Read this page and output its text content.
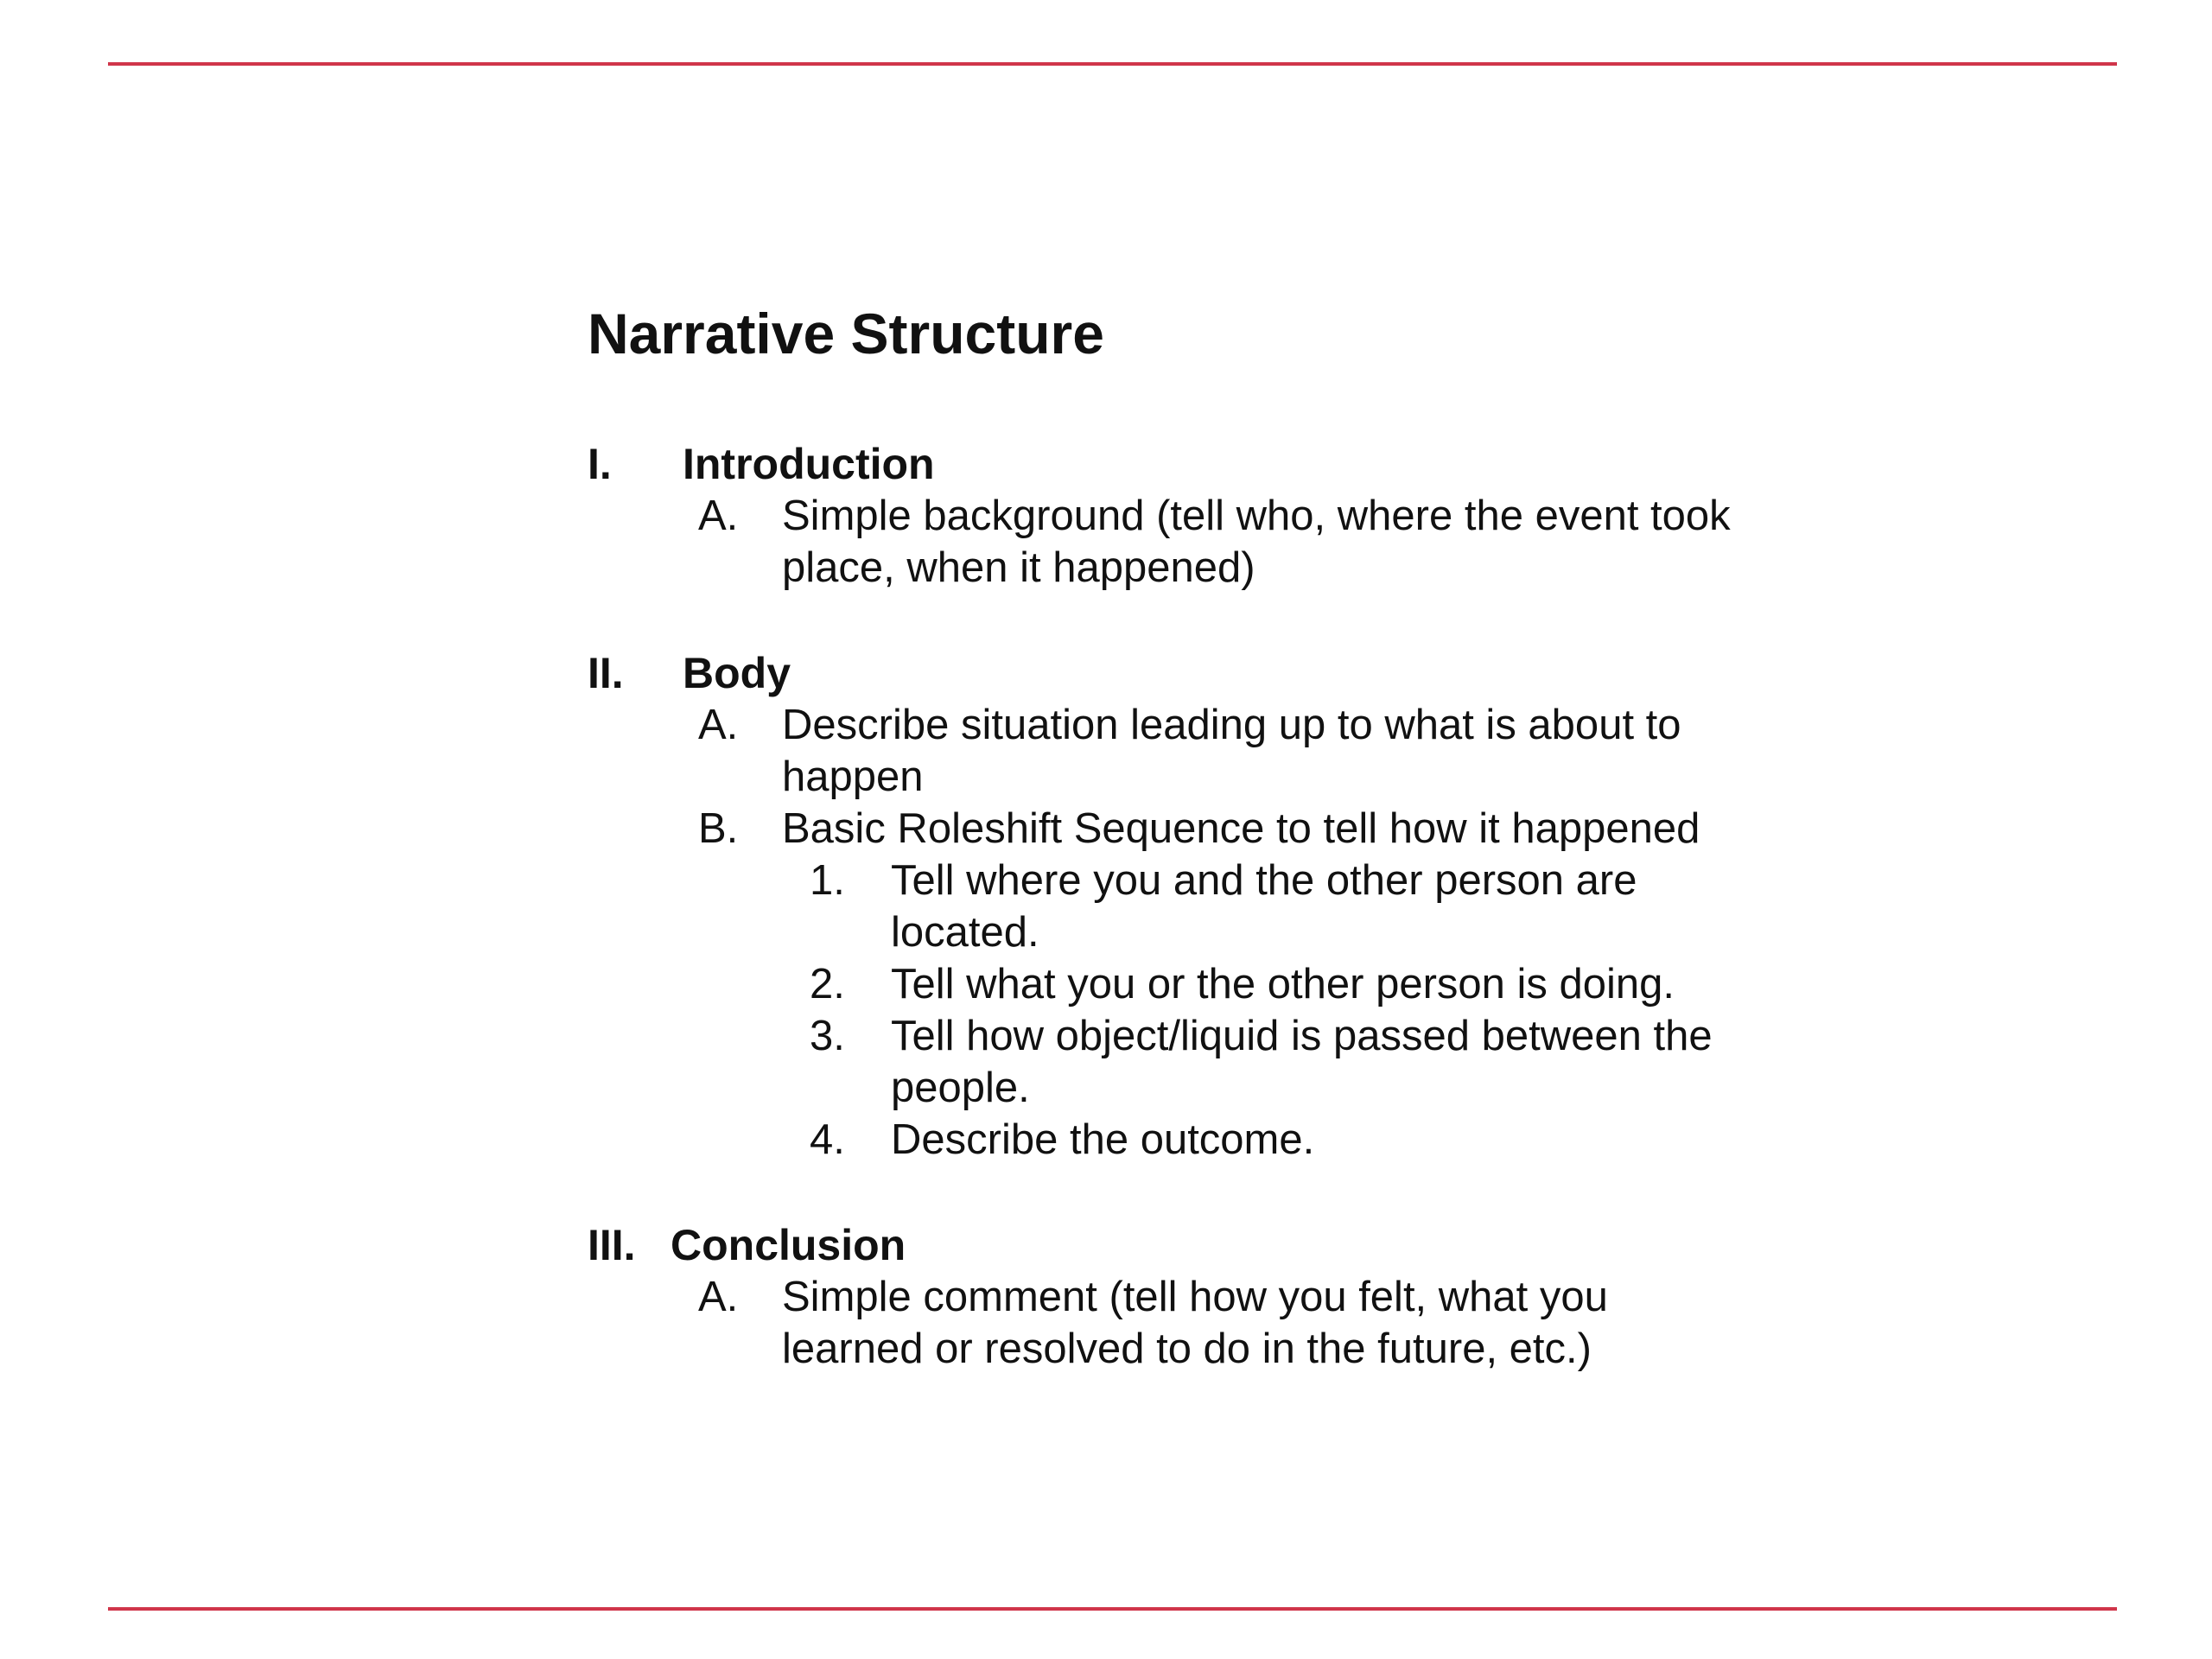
Narrative Structure
I.	Introduction
A.	Simple background (tell who, where the event took place, when it happened)
II.	Body
A.	Describe situation leading up to what is about to happen
B.	Basic Roleshift Sequence to tell how it happened
1.	Tell where you and the other person are located.
2.	Tell what you or the other person is doing.
3.	Tell how object/liquid is passed between the people.
4.	Describe the outcome.
III. Conclusion
A.	Simple comment (tell how you felt, what you learned or resolved to do in the future, etc.)
